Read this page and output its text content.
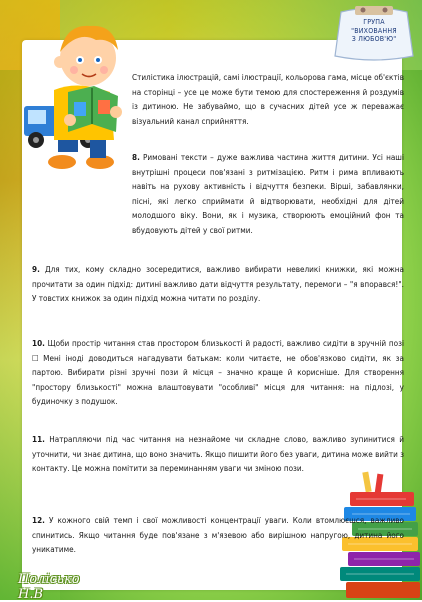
ГРУПА
"ВИХОВАННЯ
З ЛЮБОВ'Ю"
Стилістика ілюстрацій, самі ілюстрації, кольорова гама, місце об'єктів на сторінці – усе це може бути темою для спостереження й роздумів із дитиною. Не забуваймо, що в сучасних дітей усе ж переважає візуальний канал сприйняття.
8. Римовані тексти – дуже важлива частина життя дитини. Усі наші внутрішні процеси пов'язані з ритмізацією. Ритм і рима впливають навіть на рухову активність і відчуття безпеки. Вірші, забавлянки, пісні, які легко сприймати й відтворювати, необхідні для дітей молодшого віку. Вони, як і музика, створюють емоційний фон та вбудовують дітей у свої ритми.
9. Для тих, кому складно зосередитися, важливо вибирати невеликі книжки, які можна прочитати за один підхід: дитині важливо дати відчуття результату, перемоги – "я впорався!". У товстих книжок за один підхід можна читати по розділу.
10. Щоби простір читання став простором близькості й радості, важливо сидіти в зручній позі ☐ Мені іноді доводиться нагадувати батькам: коли читаєте, не обов'язково сидіти, як за партою. Вибирати різні зручні пози й місця – значно краще й корисніше. Для створення "простору близькості" можна влаштовувати "особливі" місця для читання: на підлозі, у будиночку з подушок.
11. Натрапляючи під час читання на незнайоме чи складне слово, важливо зупинитися й уточнити, чи знає дитина, що воно значить. Якщо пишити його без уваги, дитина може вийти з контакту. Це можна помітити за переминанням уваги чи зміною пози.
12. У кожного свій темп і свої можливості концентрації уваги. Коли втомлюєшся, важливо спинитись. Якщо читання буде пов'язане з м'язевою або вирішною напругою, дитина його уникатиме.
Полісько Н.В
